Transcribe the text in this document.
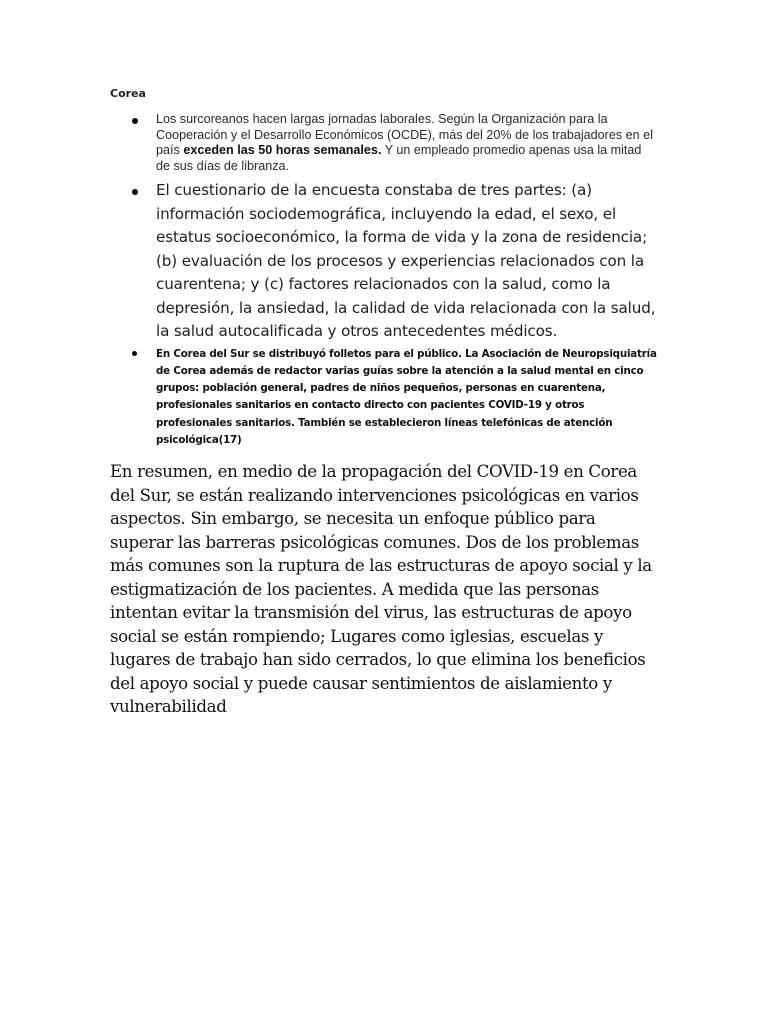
Corea

Los surcoreanos hacen largas jornadas laborales. Según la Organización para la Cooperación y el Desarrollo Económicos (OCDE), más del 20% de los trabajadores en el país exceden las 50 horas semanales. Y un empleado promedio apenas usa la mitad de sus días de libranza.
El cuestionario de la encuesta constaba de tres partes: (a) información sociodemográfica, incluyendo la edad, el sexo, el estatus socioeconómico, la forma de vida y la zona de residencia; (b) evaluación de los procesos y experiencias relacionados con la cuarentena; y (c) factores relacionados con la salud, como la depresión, la ansiedad, la calidad de vida relacionada con la salud, la salud autocalificada y otros antecedentes médicos.
En Corea del Sur se distribuyó folletos para el público. La Asociación de Neuropsiquiatría de Corea además de redactor varias guías sobre la atención a la salud mental en cinco grupos: población general, padres de niños pequeños, personas en cuarentena, profesionales sanitarios en contacto directo con pacientes COVID-19 y otros profesionales sanitarios. También se establecieron líneas telefónicas de atención psicológica(17)

En resumen, en medio de la propagación del COVID-19 en Corea del Sur, se están realizando intervenciones psicológicas en varios aspectos. Sin embargo, se necesita un enfoque público para superar las barreras psicológicas comunes. Dos de los problemas más comunes son la ruptura de las estructuras de apoyo social y la estigmatización de los pacientes. A medida que las personas intentan evitar la transmisión del virus, las estructuras de apoyo social se están rompiendo; Lugares como iglesias, escuelas y lugares de trabajo han sido cerrados, lo que elimina los beneficios del apoyo social y puede causar sentimientos de aislamiento y vulnerabilidad
